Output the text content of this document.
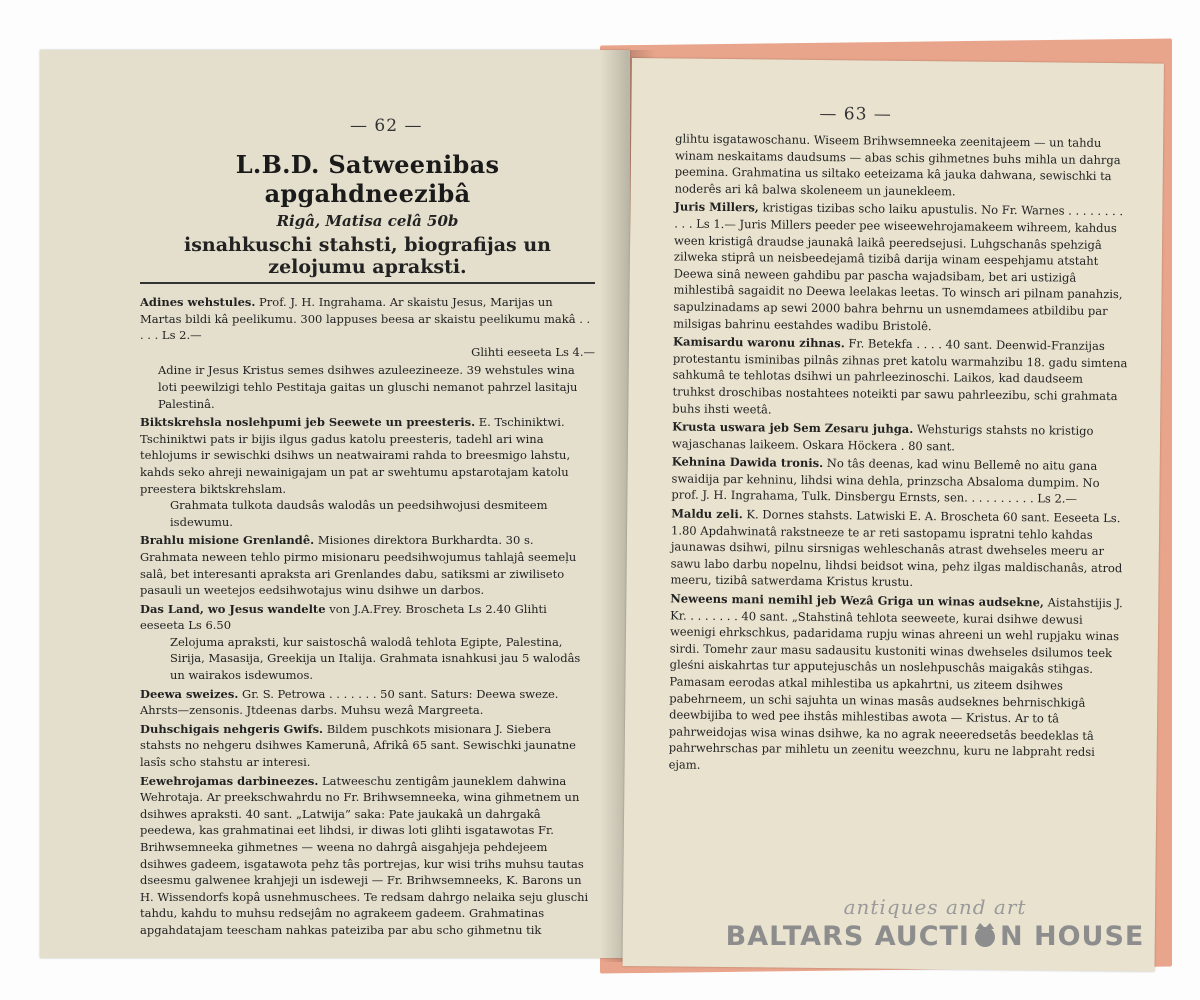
— 62 —
L.B.D. Satweenibas apgahdneezibâ
Rigâ, Matisa celâ 50b
isnahkuschi stahsti, biografijas un zelojumu apraksti.
Adines wehstules. Prof. J. H. Ingrahama. Ar skaistu Jesus, Marijas un Martas bildi kâ peelikumu. 300 lappuses beesa ar skaistu peelikumu makâ . . . . . Ls 2.—
Glihti eeseeta Ls 4.—
Adine ir Jesus Kristus semes dsihwes azuleezineeze. 39 wehstules wina loti peewilzigi tehlo Pestitaja gaitas un gluschi nemanot pahrzel lasitaju Palestinâ.
Biktskrehsla noslehpumi jeb Seewete un preesteris. E. Tschiniktwi. Tschiniktwi pats ir bijis ilgus gadus katolu preesteris, tadehl ari wina tehlojums ir sewischki dsihws un neatwairami rahda to breesmigo lahstu, kahds seko ahreji newainigajam un pat ar swehtumu apstarotajam katolu preestera biktskrehslam.
Grahmata tulkota daudsâs walodâs un peedsihwojusi desmiteem isdewumu.
Brahlu misione Grenlandê. Misiones direktora Burkhardta. 30 s. Grahmata neween tehlo pirmo misionaru peedsihwojumus tahlajâ seemeļu salâ, bet interesanti apraksta ari Grenlandes dabu, satiksmi ar ziwiliseto pasauli un weetejos eedsihwotajus winu dsihwe un darbos.
Das Land, wo Jesus wandelte von J.A.Frey. Broscheta Ls 2.40 Glihti eeseeta Ls 6.50
Zelojuma apraksti, kur saistoschâ walodâ tehlota Egipte, Palestina, Sirija, Masasija, Greekija un Italija. Grahmata isnahkusi jau 5 walodâs un wairakos isdewumos.
Deewa sweizes. Gr. S. Petrowa . . . . . . . 50 sant. Saturs: Deewa sweze. Ahrsts—zensonis. Jtdeenas darbs. Muhsu wezâ Margreeta.
Duhschigais nehgeris Gwifs. Bildem puschkots misionara J. Siebera stahsts no nehgeru dsihwes Kamerunâ, Afrikâ 65 sant. Sewischki jaunatne lasîs scho stahstu ar interesi.
Eewehrojamas darbineezes. Latweeschu zentigâm jauneklem dahwina Wehrotaja. Ar preekschwahrdu no Fr. Brihwsemneeka, wina gihmetnem un dsihwes apraksti. 40 sant. „Latwija” saka: Pate jaukakâ un dahrgakâ peedewa, kas grahmatinai eet lihdsi, ir diwas loti glihti isgatawotas Fr. Brihwsemneeka gihmetnes — weena no dahrgâ aisgahjeja pehdejeem dsihwes gadeem, isgatawota pehz tâs portrejas, kur wisi trihs muhsu tautas dseesmu galwenee krahjeji un isdeweji — Fr. Brihwsemneeks, K. Barons un H. Wissendorfs kopâ usnehmuschees. Te redsam dahrgo nelaika seju gluschi tahdu, kahdu to muhsu redsejâm no agrakeem gadeem. Grahmatinas apgahdatajam teescham nahkas pateiziba par abu scho gihmetnu tik
— 63 —
glihtu isgatawoschanu. Wiseem Brihwsemneeka zeenitajeem — un tahdu winam neskaitams daudsums — abas schis gihmetnes buhs mihla un dahrga peemina. Grahmatina us siltako eeteizama kâ jauka dahwana, sewischki ta noderês ari kâ balwa skoleneem un jaunekleem.
Juris Millers, kristigas tizibas scho laiku apustulis. No Fr. Warnes . . . . . . . . . . . Ls 1.— Juris Millers peeder pee wiseewehrojamakeem wihreem, kahdus ween kristigâ draudse jaunakâ laikâ peeredsejusi. Luhgschanâs spehzigâ zilweka stiprâ un neisbeedejamâ tizibâ darija winam eespehjamu atstaht Deewa sinâ neween gahdibu par pascha wajadsibam, bet ari ustizigâ mihlestibâ sagaidit no Deewa leelakas leetas. To winsch ari pilnam panahzis, sapulzinadams ap sewi 2000 bahra behrnu un usnemdamees atbildibu par milsigas bahrinu eestahdes wadibu Bristolê.
Kamisardu waronu zihnas. Fr. Betekfa . . . . 40 sant. Deenwid-Franzijas protestantu isminibas pilnâs zihnas pret katolu warmahzibu 18. gadu simtena sahkumâ te tehlotas dsihwi un pahrleezinoschi. Laikos, kad daudseem truhkst droschibas nostahtees noteikti par sawu pahrleezibu, schi grahmata buhs ihsti weetâ.
Krusta uswara jeb Sem Zesaru juhga. Wehsturigs stahsts no kristigo wajaschanas laikeem. Oskara Höckera . 80 sant.
Kehnina Dawida tronis. No tâs deenas, kad winu Bellemê no aitu gana swaidija par kehninu, lihdsi wina dehla, prinzscha Absaloma dumpim. No prof. J. H. Ingrahama, Tulk. Dinsbergu Ernsts, sen. . . . . . . . . . Ls 2.—
Maldu zeli. K. Dornes stahsts. Latwiski E. A. Broscheta 60 sant. Eeseeta Ls. 1.80 Apdahwinatâ rakstneeze te ar reti sastopamu ispratni tehlo kahdas jaunawas dsihwi, pilnu sirsnigas wehleschanâs atrast dwehseles meeru ar sawu labo darbu nopelnu, lihdsi beidsot wina, pehz ilgas maldischanâs, atrod meeru, tizibâ satwerdama Kristus krustu.
Neweens mani nemihl jeb Wezâ Griga un winas audsekne, Aistahstijis J. Kr. . . . . . . . 40 sant. „Stahstinâ tehlota seeweete, kurai dsihwe dewusi weenigi ehrkschkus, padaridama rupju winas ahreeni un wehl rupjaku winas sirdi. Tomehr zaur masu sadausitu kustoniti winas dwehseles dsilumos teek gleśni aiskahrtas tur apputejuschâs un noslehpuschâs maigakâs stihgas. Pamasam eerodas atkal mihlestiba us apkahrtni, us ziteem dsihwes pabehrneem, un schi sajuhta un winas masâs audseknes behrnischkigâ deewbijiba to wed pee ihstâs mihlestibas awota — Kristus. Ar to tâ pahrweidojas wisa winas dsihwe, ka no agrak neeeredsetâs beedeklas tâ pahrwehrschas par mihletu un zeenitu weezchnu, kuru ne labpraht redsi ejam.
antiques and art
BALTARS AUCTI N HOUSE
